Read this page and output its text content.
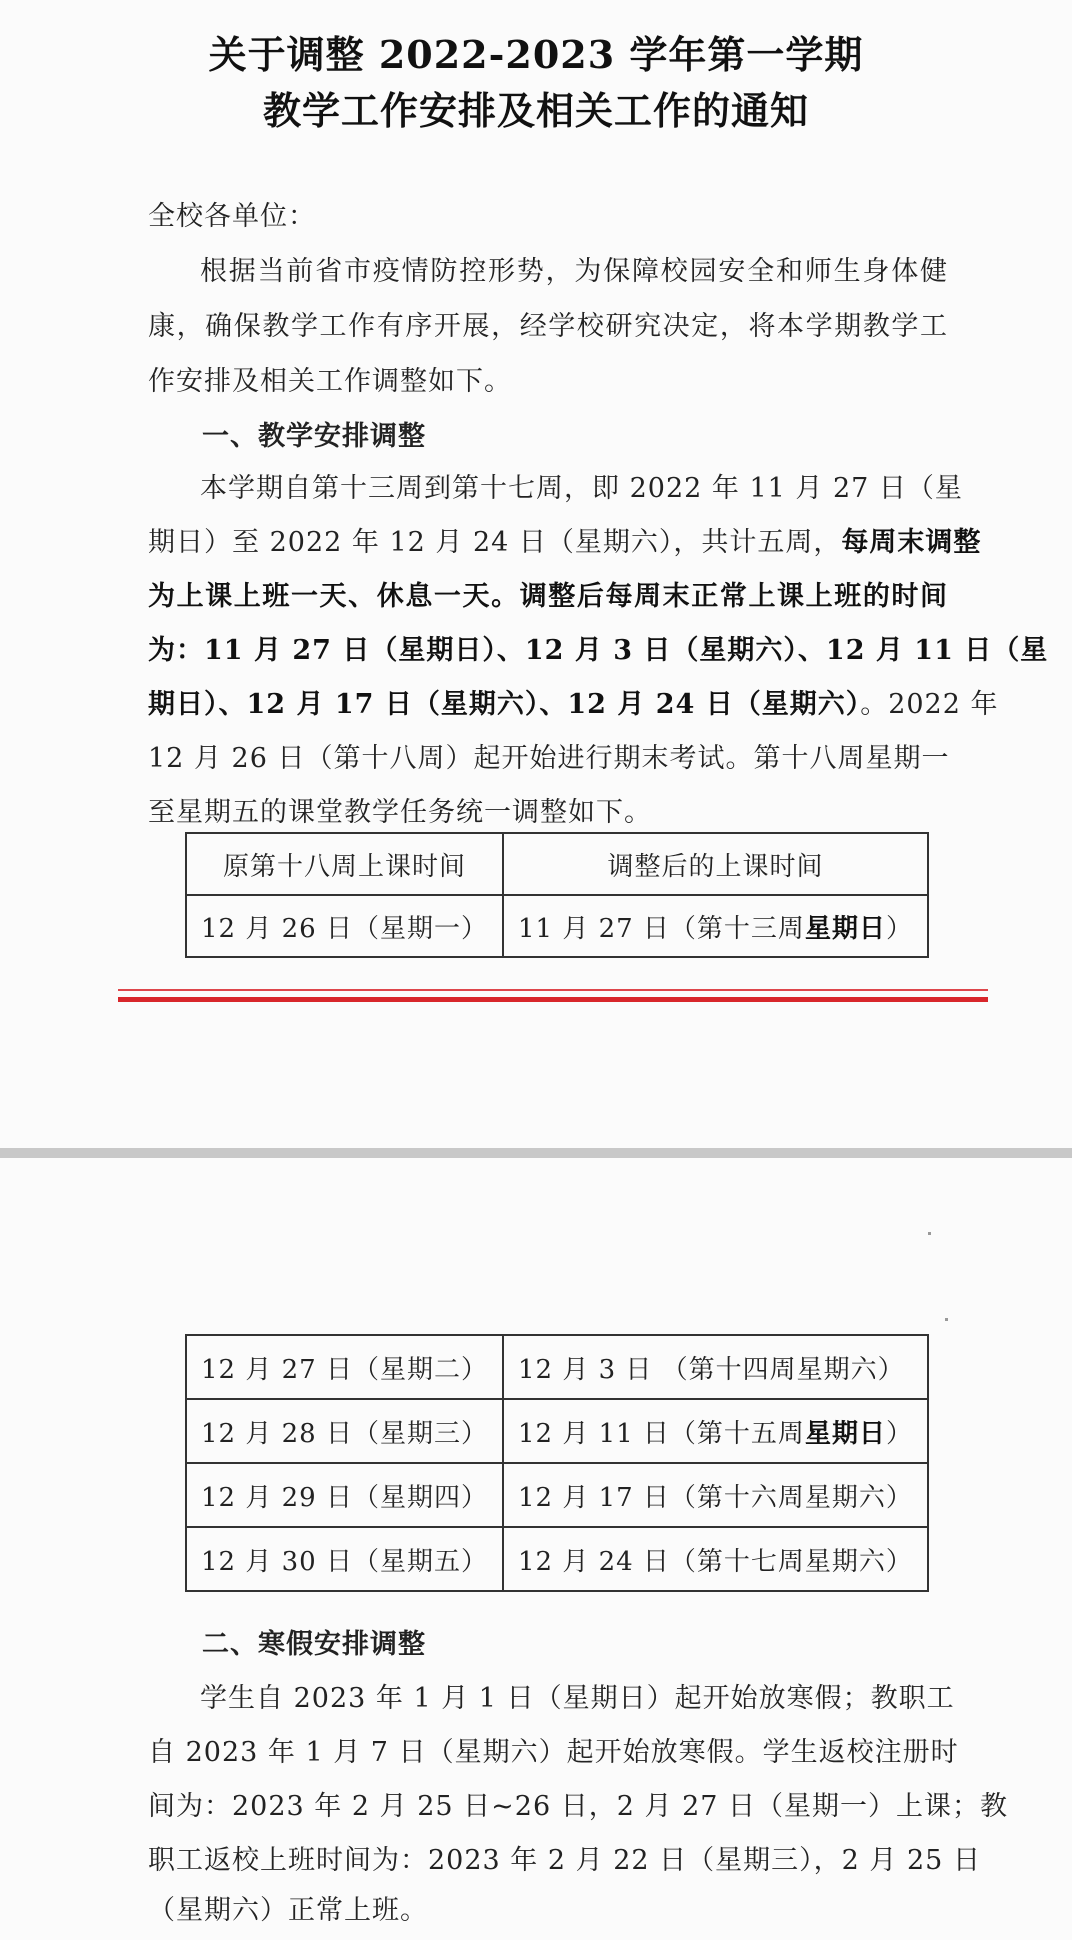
关于调整 2022-2023 学年第一学期
教学工作安排及相关工作的通知
全校各单位：
根据当前省市疫情防控形势，为保障校园安全和师生身体健
康，确保教学工作有序开展，经学校研究决定，将本学期教学工
作安排及相关工作调整如下。
一、教学安排调整
本学期自第十三周到第十七周，即 2022 年 11 月 27 日（星
期日）至 2022 年 12 月 24 日（星期六），共计五周，每周末调整
为上课上班一天、休息一天。调整后每周末正常上课上班的时间
为：11 月 27 日（星期日）、12 月 3 日（星期六）、12 月 11 日（星
期日）、12 月 17 日（星期六）、12 月 24 日（星期六）。2022 年
12 月 26 日（第十八周）起开始进行期末考试。第十八周星期一
至星期五的课堂教学任务统一调整如下。
原第十八周上课时间	调整后的上课时间
12 月 26 日（星期一）	11 月 27 日（第十三周星期日）
12 月 27 日（星期二）	12 月 3 日 （第十四周星期六）
12 月 28 日（星期三）	12 月 11 日（第十五周星期日）
12 月 29 日（星期四）	12 月 17 日（第十六周星期六）
12 月 30 日（星期五）	12 月 24 日（第十七周星期六）
二、寒假安排调整
学生自 2023 年 1 月 1 日（星期日）起开始放寒假；教职工
自 2023 年 1 月 7 日（星期六）起开始放寒假。学生返校注册时
间为：2023 年 2 月 25 日~26 日，2 月 27 日（星期一）上课；教
职工返校上班时间为：2023 年 2 月 22 日（星期三），2 月 25 日
（星期六）正常上班。
